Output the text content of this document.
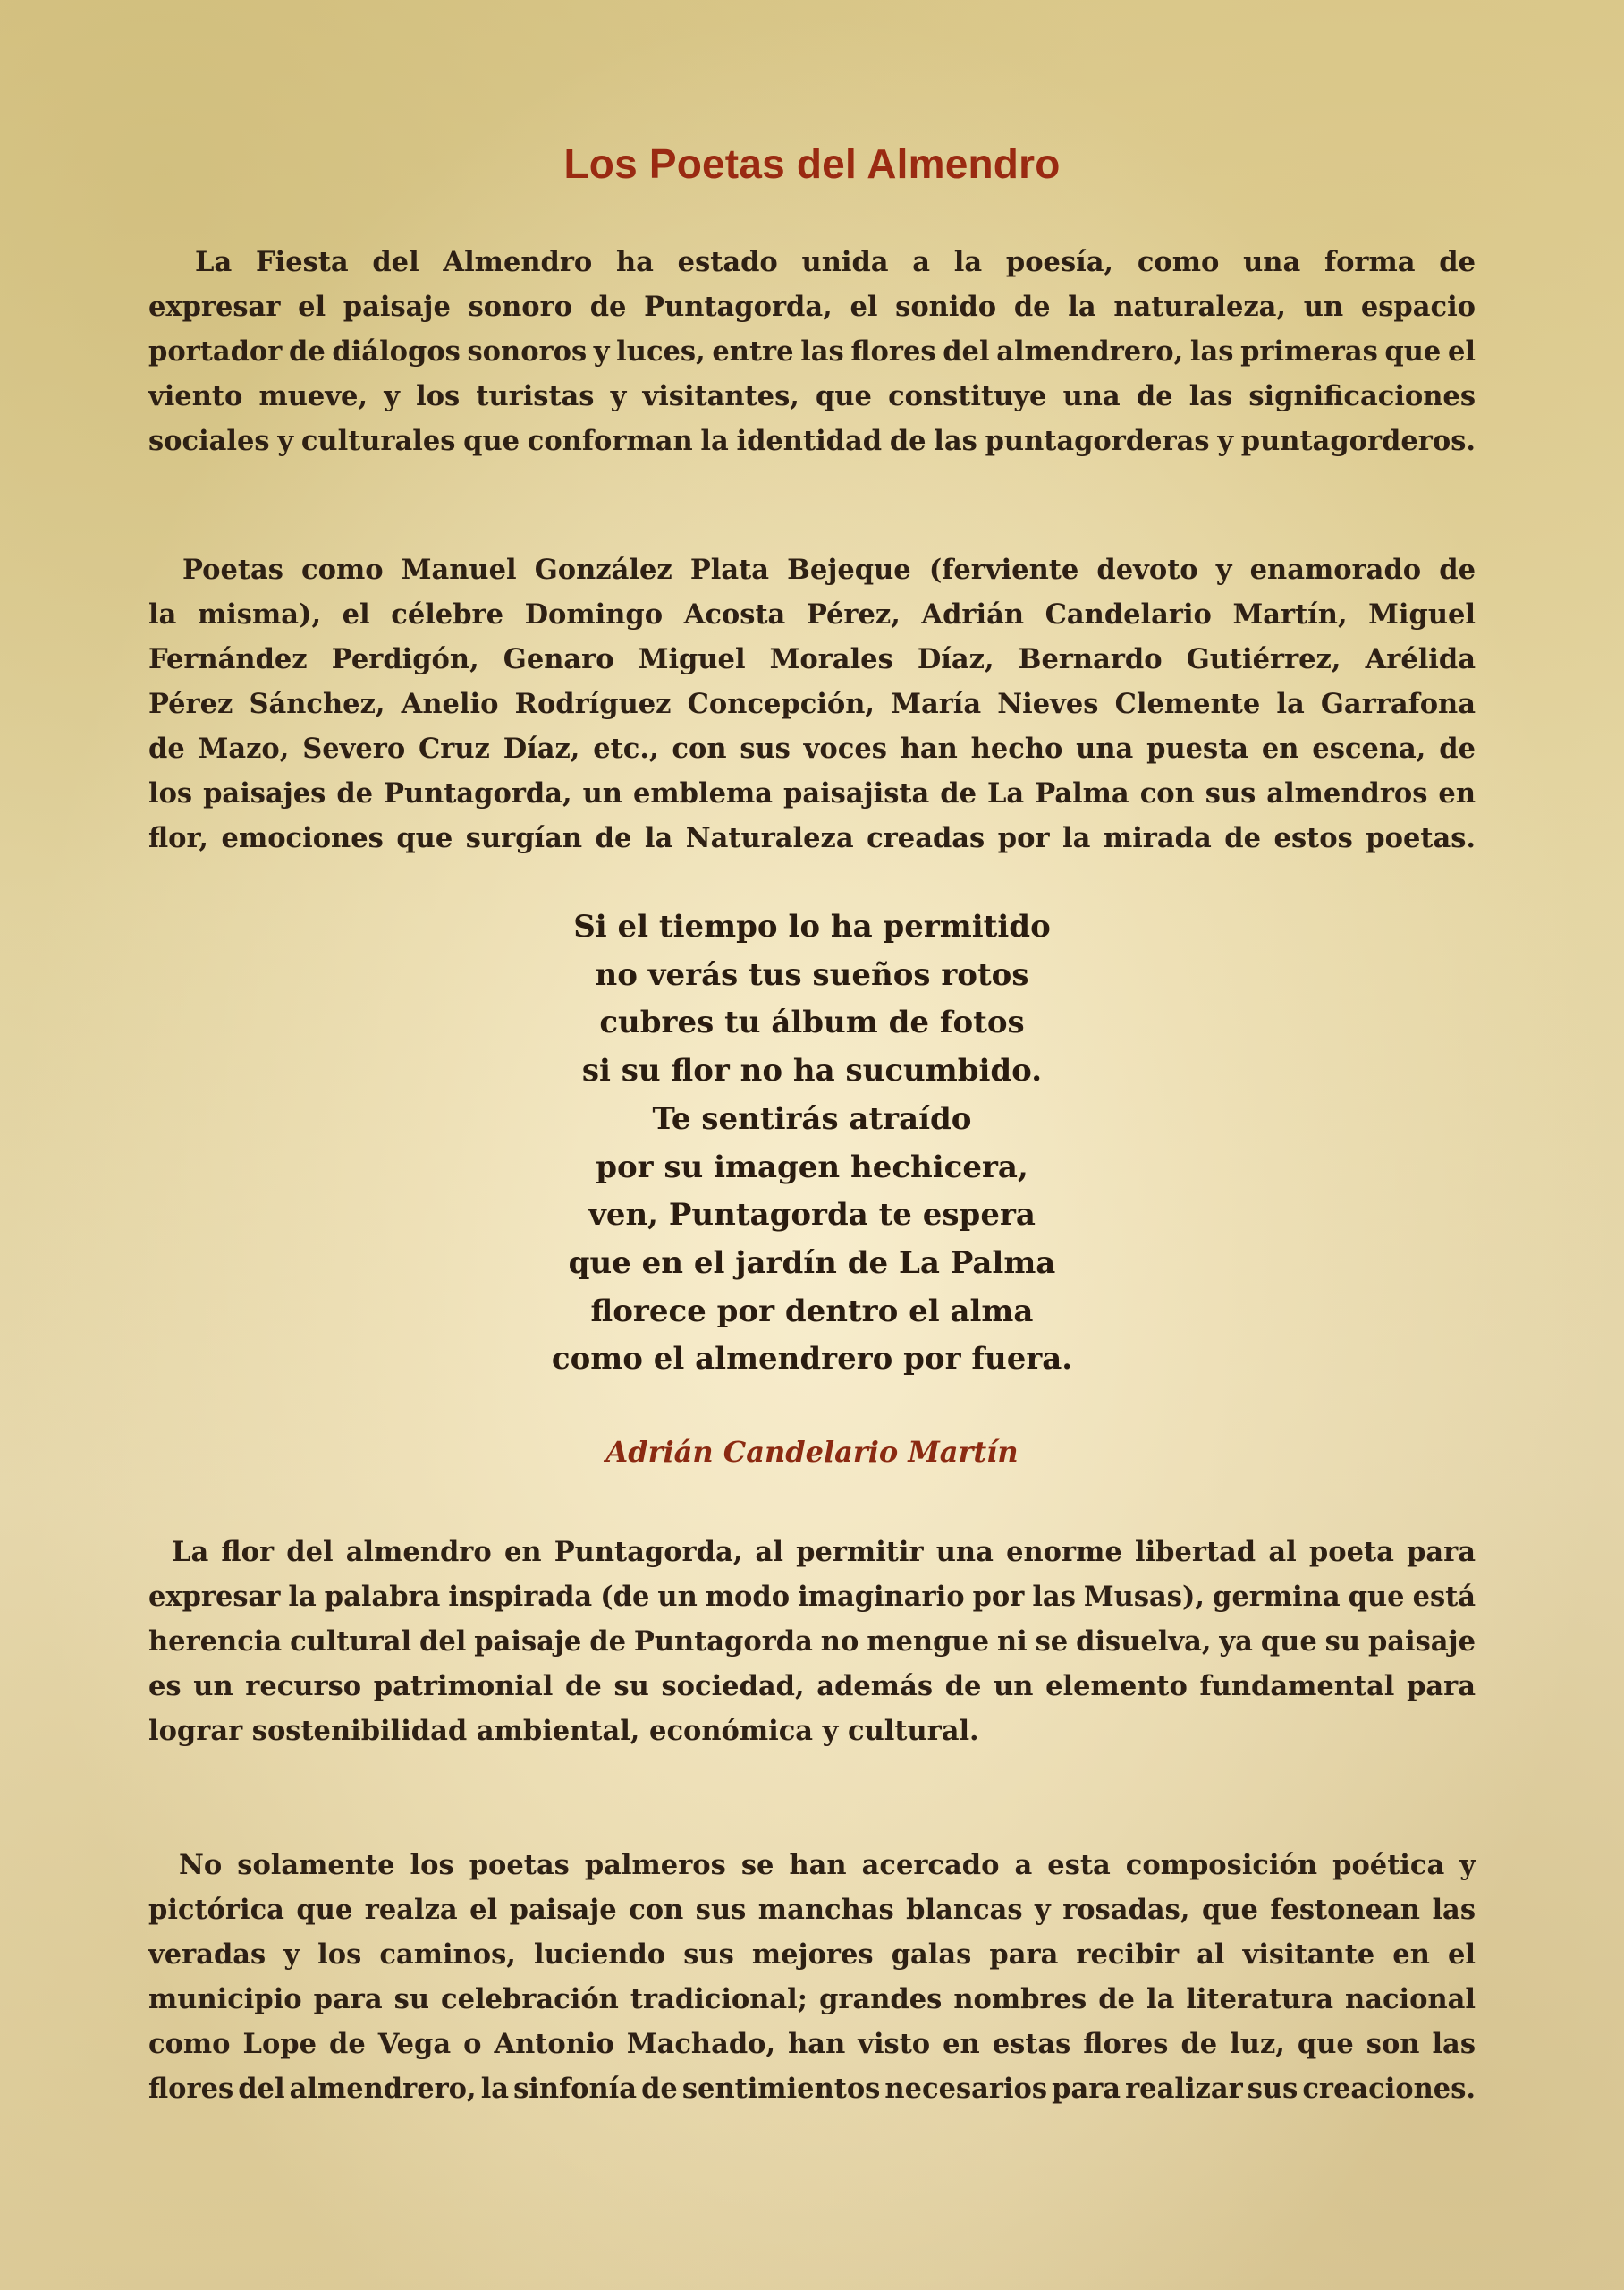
Los Poetas del Almendro
La Fiesta del Almendro ha estado unida a la poesía, como una forma de
expresar el paisaje sonoro de Puntagorda, el sonido de la naturaleza, un espacio
portador de diálogos sonoros y luces, entre las flores del almendrero, las primeras que el
viento mueve, y los turistas y visitantes, que constituye una de las significaciones
sociales y culturales que conforman la identidad de las puntagorderas y puntagorderos.
Poetas como Manuel González Plata Bejeque (ferviente devoto y enamorado de
la misma), el célebre Domingo Acosta Pérez, Adrián Candelario Martín, Miguel
Fernández Perdigón, Genaro Miguel Morales Díaz, Bernardo Gutiérrez, Arélida
Pérez Sánchez, Anelio Rodríguez Concepción, María Nieves Clemente la Garrafona
de Mazo, Severo Cruz Díaz, etc., con sus voces han hecho una puesta en escena, de
los paisajes de Puntagorda, un emblema paisajista de La Palma con sus almendros en
flor, emociones que surgían de la Naturaleza creadas por la mirada de estos poetas.
Si el tiempo lo ha permitido
no verás tus sueños rotos
cubres tu álbum de fotos
si su flor no ha sucumbido.
Te sentirás atraído
por su imagen hechicera,
ven, Puntagorda te espera
que en el jardín de La Palma
florece por dentro el alma
como el almendrero por fuera.
Adrián Candelario Martín
La flor del almendro en Puntagorda, al permitir una enorme libertad al poeta para
expresar la palabra inspirada (de un modo imaginario por las Musas), germina que está
herencia cultural del paisaje de Puntagorda no mengue ni se disuelva, ya que su paisaje
es un recurso patrimonial de su sociedad, además de un elemento fundamental para
lograr sostenibilidad ambiental, económica y cultural.
No solamente los poetas palmeros se han acercado a esta composición poética y
pictórica que realza el paisaje con sus manchas blancas y rosadas, que festonean las
veradas y los caminos, luciendo sus mejores galas para recibir al visitante en el
municipio para su celebración tradicional; grandes nombres de la literatura nacional
como Lope de Vega o Antonio Machado, han visto en estas flores de luz, que son las
flores del almendrero, la sinfonía de sentimientos necesarios para realizar sus creaciones.
